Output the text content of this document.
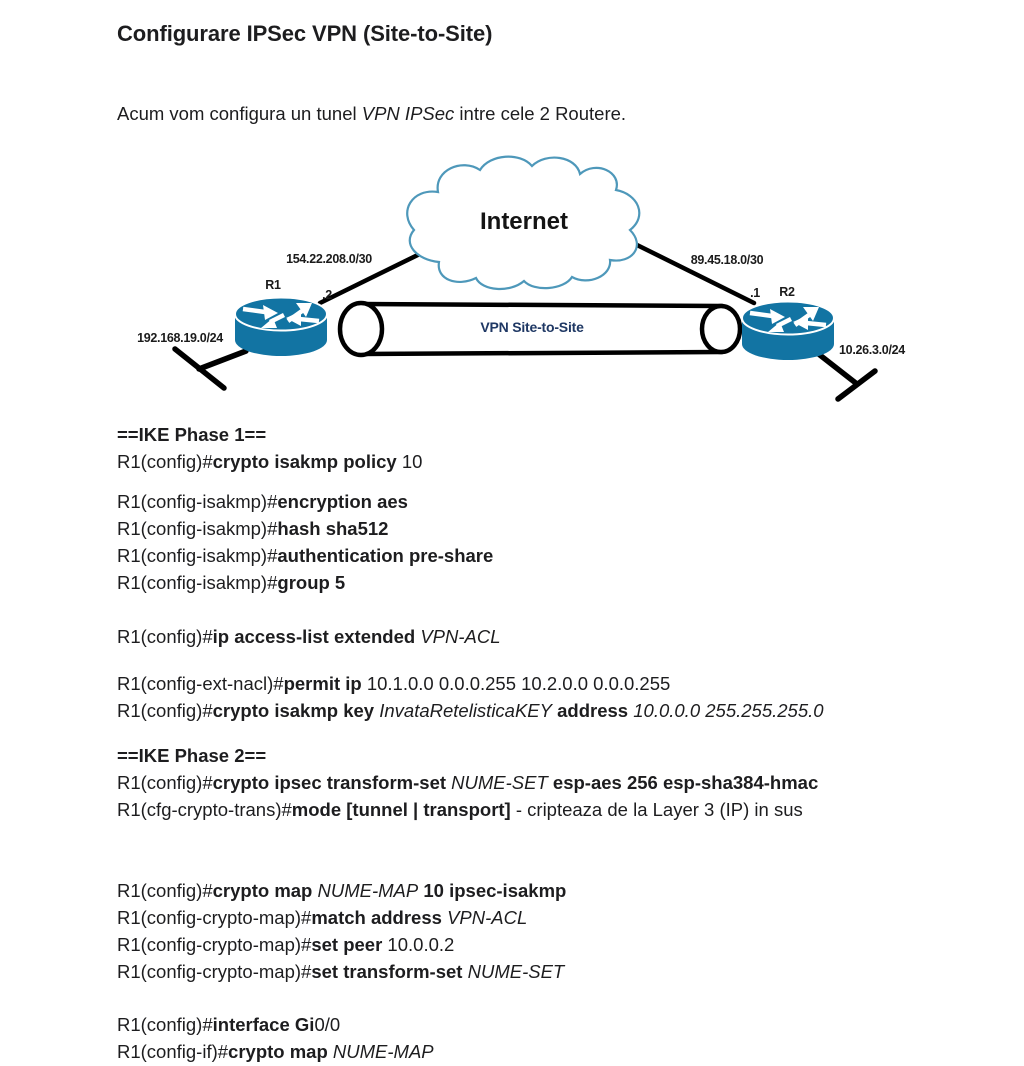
Configurare IPSec VPN (Site-to-Site)

Acum vom configura un tunel VPN IPSec intre cele 2 Routere.

Internet
VPN Site-to-Site
154.22.208.0/30	89.45.18.0/30
R1
.2	.1 R2
192.168.19.0/24
10.26.3.0/24
==IKE Phase 1==
R1(config)#crypto isakmp policy 10
R1(config-isakmp)#encryption aes
R1(config-isakmp)#hash sha512
R1(config-isakmp)#authentication pre-share
R1(config-isakmp)#group 5
R1(config)#ip access-list extended VPN-ACL
R1(config-ext-nacl)#permit ip 10.1.0.0 0.0.0.255 10.2.0.0 0.0.0.255
R1(config)#crypto isakmp key InvataRetelisticaKEY address 10.0.0.0 255.255.255.0
==IKE Phase 2==
R1(config)#crypto ipsec transform-set NUME-SET esp-aes 256 esp-sha384-hmac
R1(cfg-crypto-trans)#mode [tunnel | transport] - cripteaza de la Layer 3 (IP) in sus
R1(config)#crypto map NUME-MAP 10 ipsec-isakmp
R1(config-crypto-map)#match address VPN-ACL
R1(config-crypto-map)#set peer 10.0.0.2
R1(config-crypto-map)#set transform-set NUME-SET
R1(config)#interface Gi0/0
R1(config-if)#crypto map NUME-MAP
